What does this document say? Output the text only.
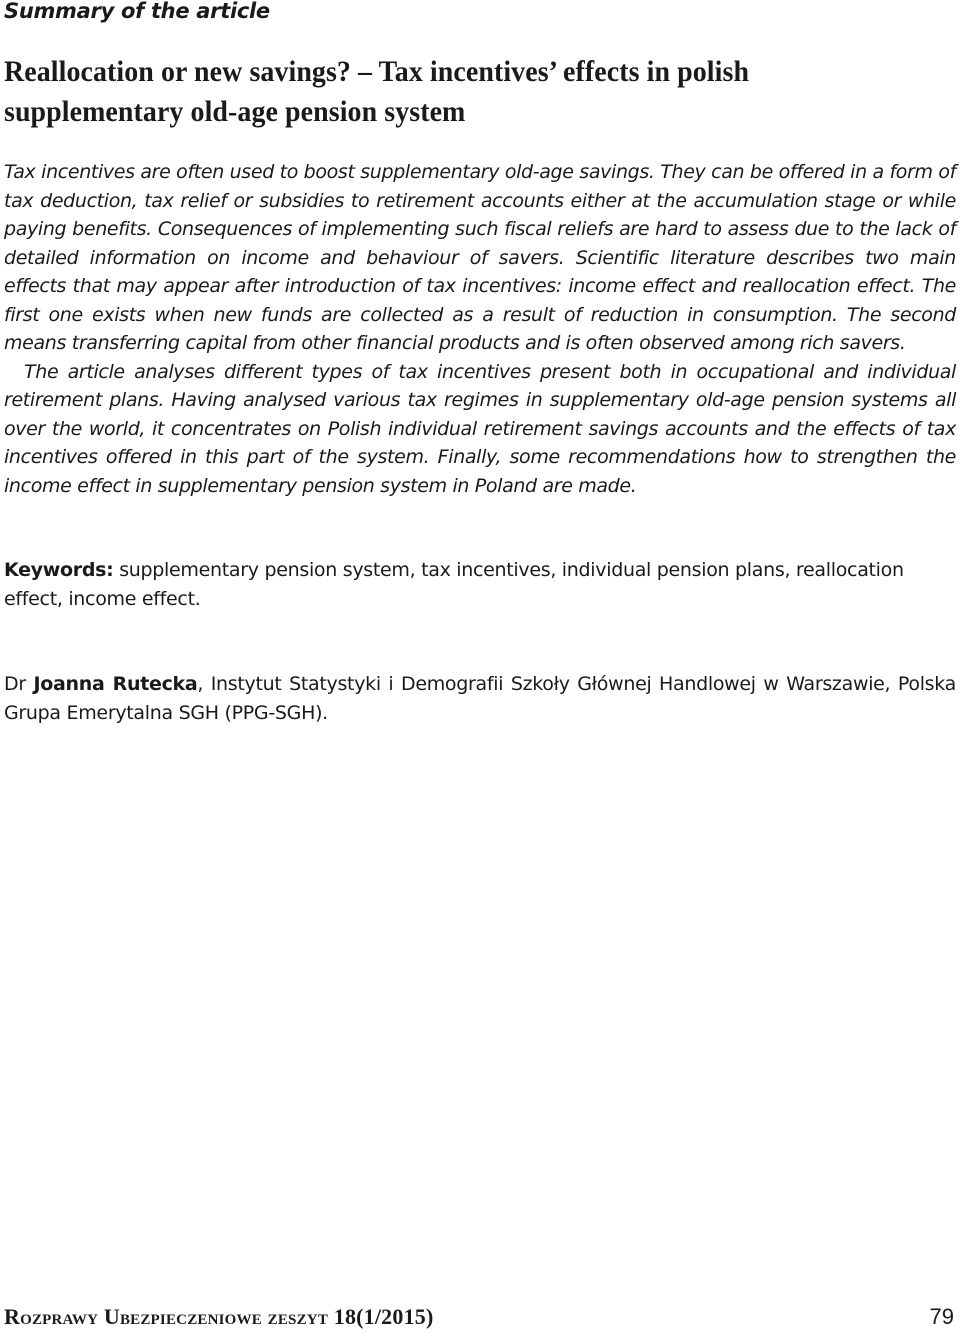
Summary of the article
Reallocation or new savings? – Tax incentives’ effects in polish supplementary old-age pension system

Tax incentives are often used to boost supplementary old-age savings. They can be offered in a form of tax deduction, tax relief or subsidies to retirement accounts either at the accumulation stage or while paying benefits. Consequences of implementing such fiscal reliefs are hard to assess due to the lack of detailed information on income and behaviour of savers. Scientific literature describes two main effects that may appear after introduction of tax incentives: income effect and reallocation effect. The first one exists when new funds are collected as a result of reduction in consumption. The second means transferring capital from other financial products and is often observed among rich savers.

The article analyses different types of tax incentives present both in occupational and individual retirement plans. Having analysed various tax regimes in supplementary old-age pension systems all over the world, it concentrates on Polish individual retirement savings accounts and the effects of tax incentives offered in this part of the system. Finally, some recommendations how to strengthen the income effect in supplementary pension system in Poland are made.

Keywords: supplementary pension system, tax incentives, individual pension plans, reallocation effect, income effect.

Dr Joanna Rutecka, Instytut Statystyki i Demografii Szkoły Głównej Handlowej w Warszawie, Polska Grupa Emerytalna SGH (PPG-SGH).

Rozprawy Ubezpieczeniowe zeszyt 18(1/2015)	79
